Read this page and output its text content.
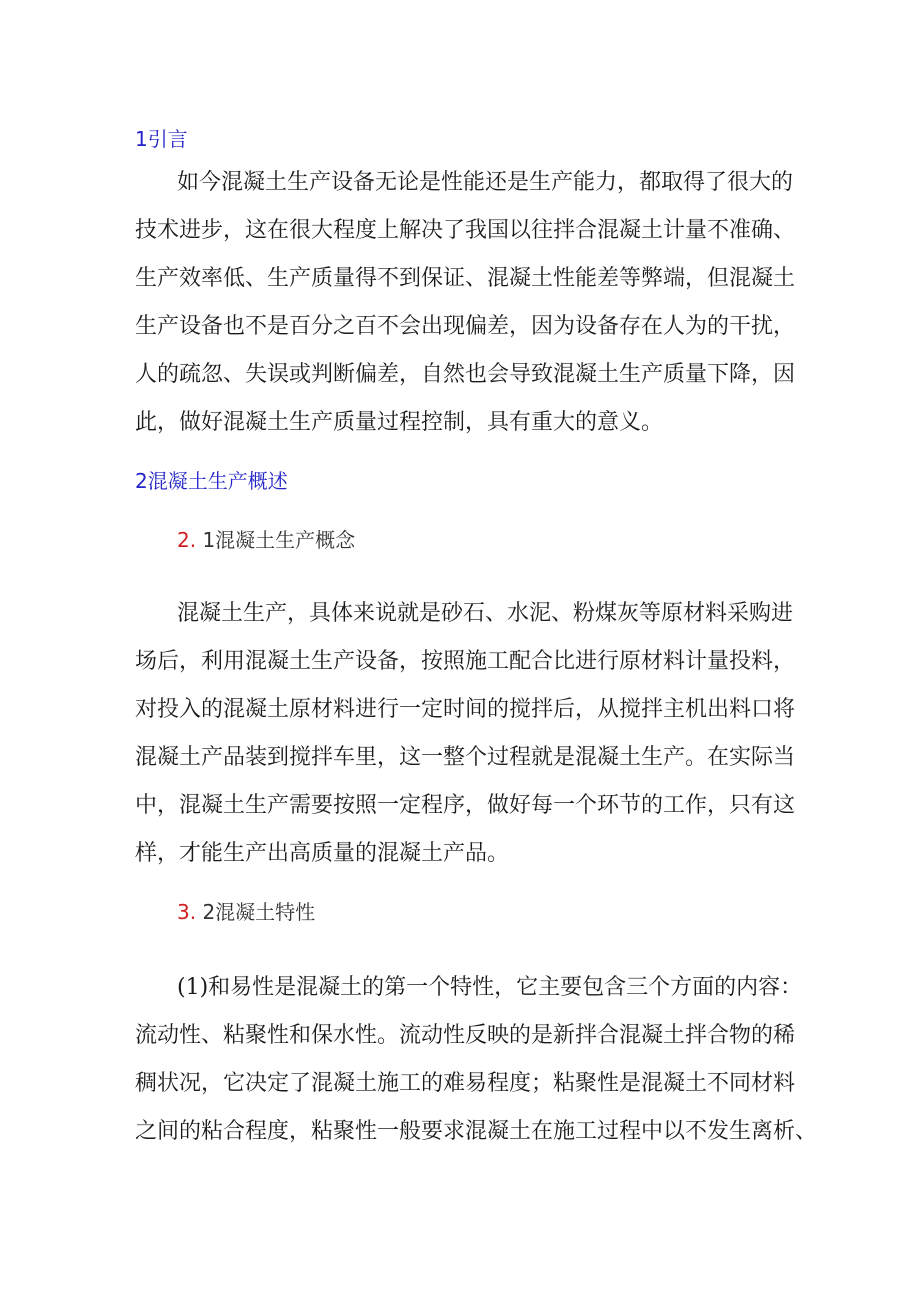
1引言
如今混凝土生产设备无论是性能还是生产能力，都取得了很大的
技术进步，这在很大程度上解决了我国以往拌合混凝土计量不准确、
生产效率低、生产质量得不到保证、混凝土性能差等弊端，但混凝土
生产设备也不是百分之百不会出现偏差，因为设备存在人为的干扰，
人的疏忽、失误或判断偏差，自然也会导致混凝土生产质量下降，因
此，做好混凝土生产质量过程控制，具有重大的意义。
2混凝土生产概述
2. 1混凝土生产概念
混凝土生产，具体来说就是砂石、水泥、粉煤灰等原材料采购进
场后，利用混凝土生产设备，按照施工配合比进行原材料计量投料，
对投入的混凝土原材料进行一定时间的搅拌后，从搅拌主机出料口将
混凝土产品装到搅拌车里，这一整个过程就是混凝土生产。在实际当
中，混凝土生产需要按照一定程序，做好每一个环节的工作，只有这
样，才能生产出高质量的混凝土产品。
3. 2混凝土特性
(1)和易性是混凝土的第一个特性，它主要包含三个方面的内容：
流动性、粘聚性和保水性。流动性反映的是新拌合混凝土拌合物的稀
稠状况，它决定了混凝土施工的难易程度；粘聚性是混凝土不同材料
之间的粘合程度，粘聚性一般要求混凝土在施工过程中以不发生离析、
